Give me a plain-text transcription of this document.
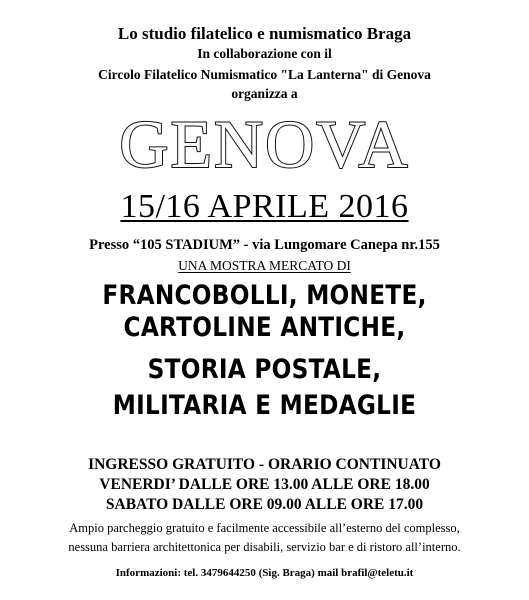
Lo studio filatelico e numismatico Braga
In collaborazione con il
Circolo Filatelico Numismatico "La Lanterna" di Genova
organizza a
GENOVA
15/16 APRILE 2016
Presso “105 STADIUM” - via Lungomare Canepa nr.155
UNA MOSTRA MERCATO DI
FRANCOBOLLI, MONETE,
CARTOLINE ANTICHE,
STORIA POSTALE,
MILITARIA E MEDAGLIE
INGRESSO GRATUITO - ORARIO CONTINUATO
VENERDI’ DALLE ORE 13.00 ALLE ORE 18.00
SABATO DALLE ORE 09.00 ALLE ORE 17.00
Ampio parcheggio gratuito e facilmente accessibile all’esterno del complesso,
nessuna barriera architettonica per disabili, servizio bar e di ristoro all’interno.
Informazioni: tel. 3479644250 (Sig. Braga) mail brafil@teletu.it
